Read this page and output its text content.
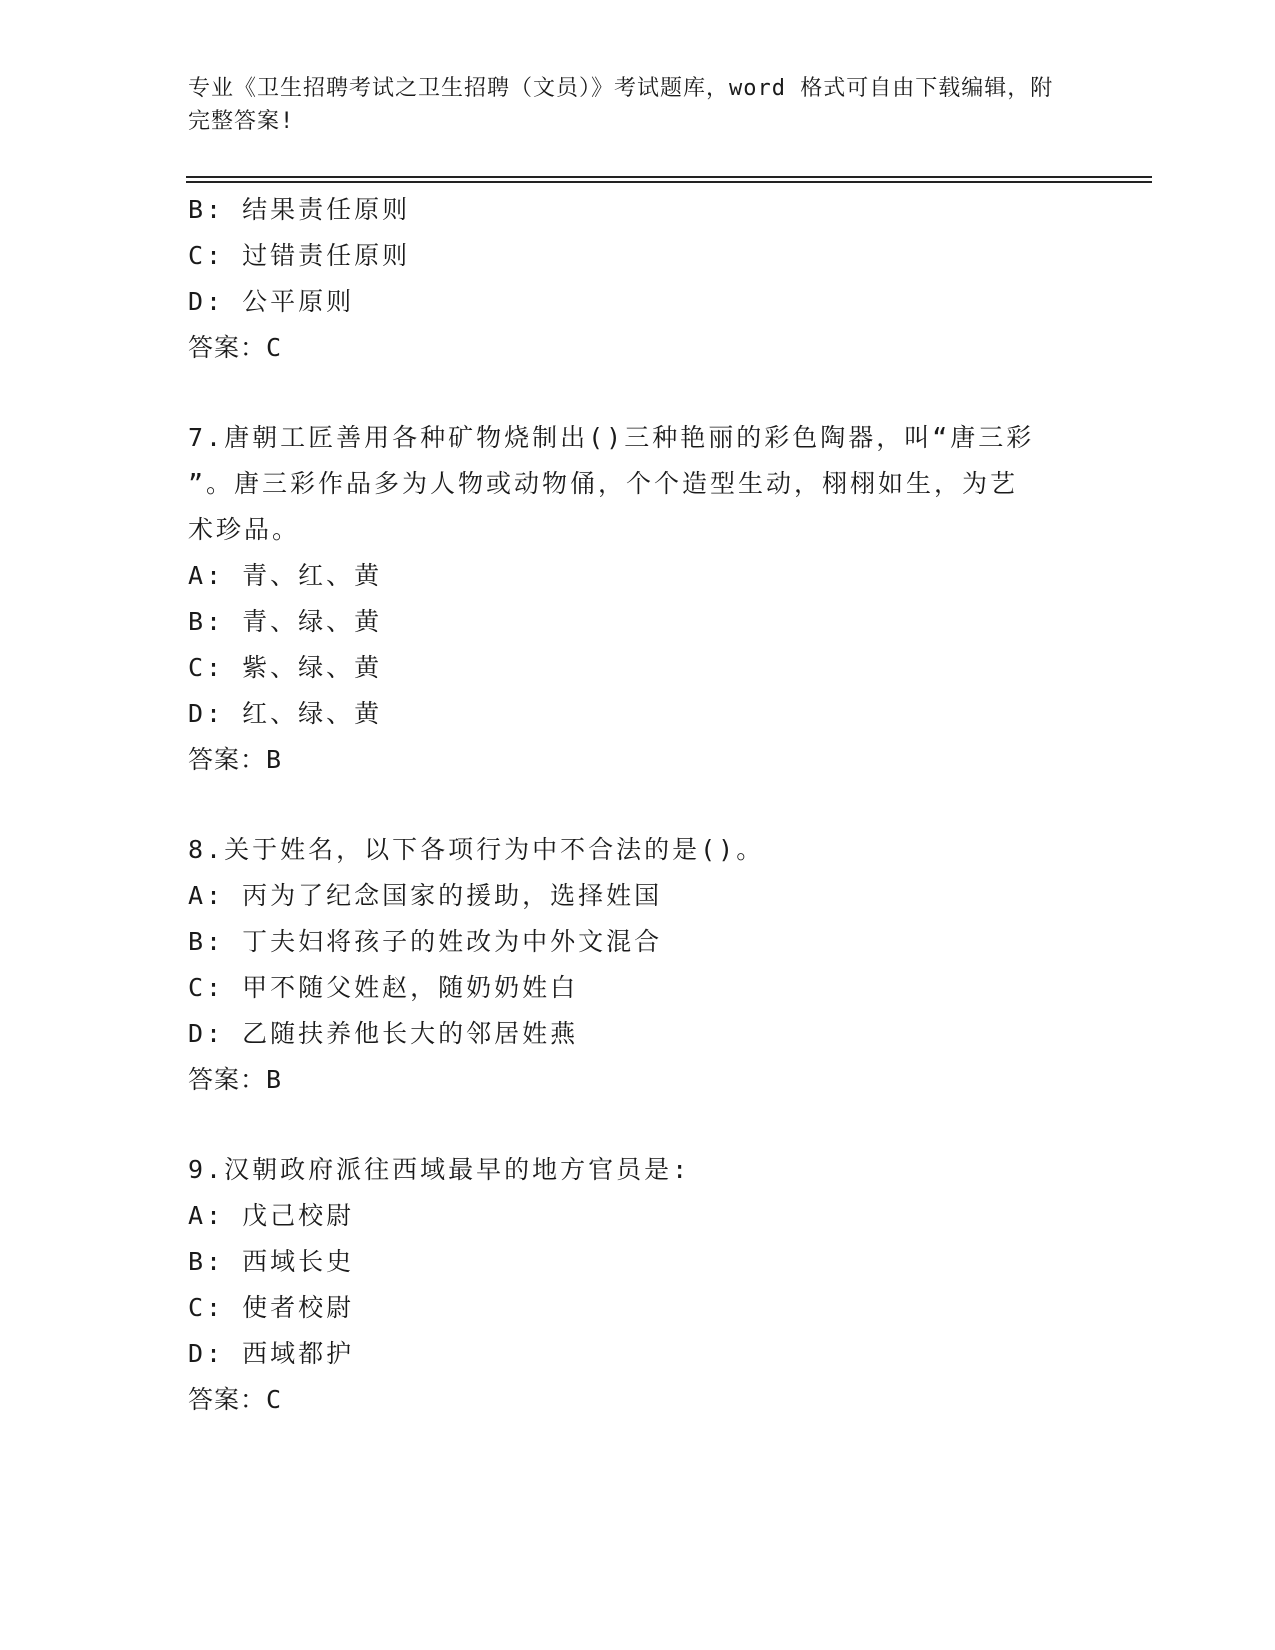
专业《卫生招聘考试之卫生招聘（文员）》考试题库，word 格式可自由下载编辑，附完整答案!
B: 结果责任原则
C: 过错责任原则
D: 公平原则
答案：C
7.唐朝工匠善用各种矿物烧制出()三种艳丽的彩色陶器，叫“唐三彩
”。唐三彩作品多为人物或动物俑，个个造型生动，栩栩如生，为艺
术珍品。
A: 青、红、黄
B: 青、绿、黄
C: 紫、绿、黄
D: 红、绿、黄
答案：B
8.关于姓名，以下各项行为中不合法的是()。
A: 丙为了纪念国家的援助，选择姓国
B: 丁夫妇将孩子的姓改为中外文混合
C: 甲不随父姓赵，随奶奶姓白
D: 乙随扶养他长大的邻居姓燕
答案：B
9.汉朝政府派往西域最早的地方官员是:
A: 戊己校尉
B: 西域长史
C: 使者校尉
D: 西域都护
答案：C
